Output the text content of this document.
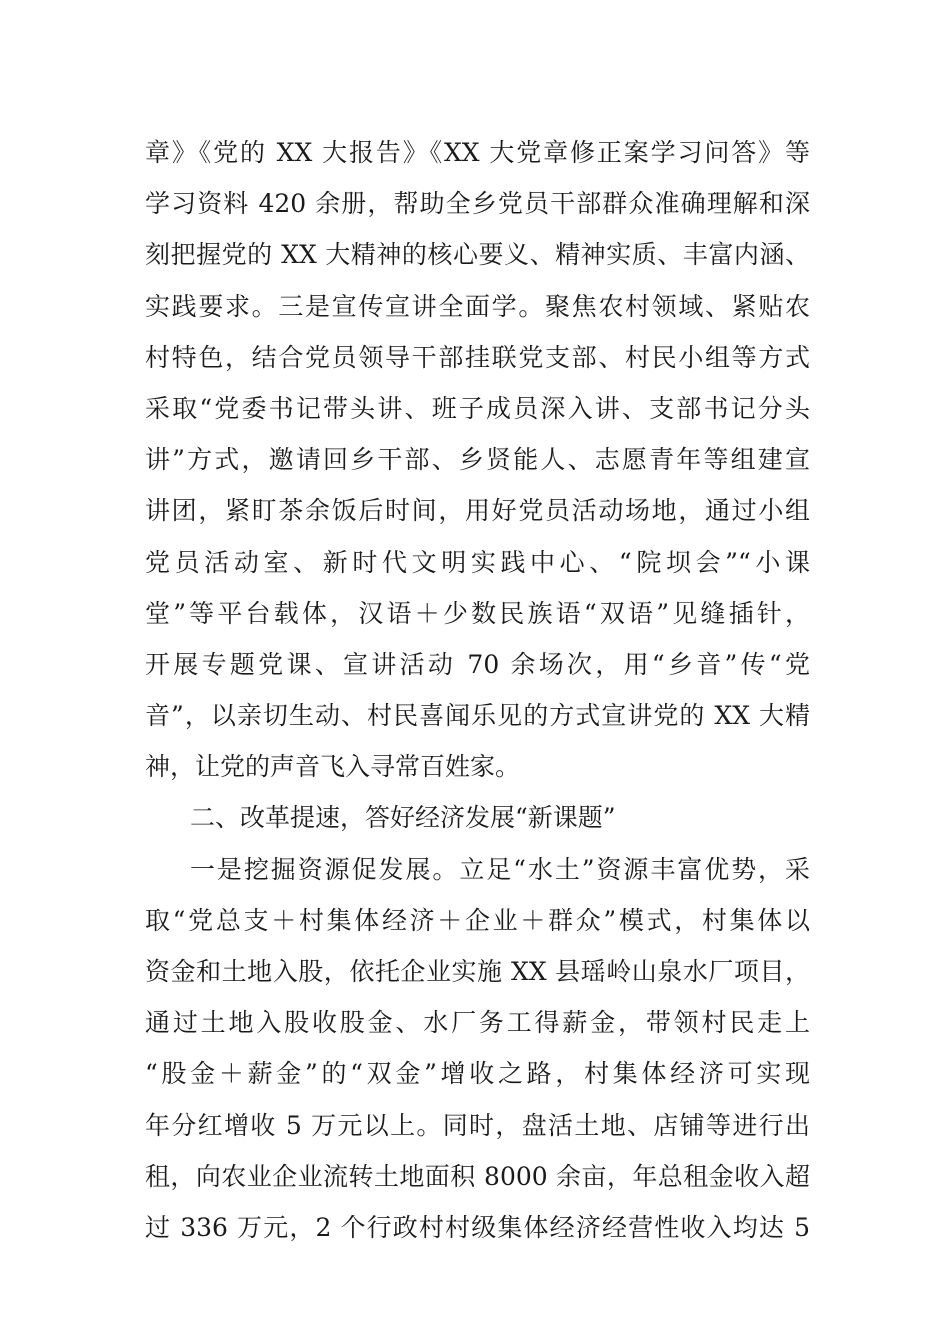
章》《党的 XX 大报告》《XX 大党章修正案学习问答》等
学习资料 420 余册，帮助全乡党员干部群众准确理解和深
刻把握党的 XX 大精神的核心要义、精神实质、丰富内涵、
实践要求。三是宣传宣讲全面学。聚焦农村领域、紧贴农
村特色，结合党员领导干部挂联党支部、村民小组等方式
采取“党委书记带头讲、班子成员深入讲、支部书记分头
讲”方式，邀请回乡干部、乡贤能人、志愿青年等组建宣
讲团，紧盯茶余饭后时间，用好党员活动场地，通过小组
党员活动室、新时代文明实践中心、“院坝会”“小课
堂”等平台载体，汉语＋少数民族语“双语”见缝插针，
开展专题党课、宣讲活动 70 余场次，用“乡音”传“党
音”，以亲切生动、村民喜闻乐见的方式宣讲党的 XX 大精
神，让党的声音飞入寻常百姓家。
二、改革提速，答好经济发展“新课题”
一是挖掘资源促发展。立足“水土”资源丰富优势，采
取“党总支＋村集体经济＋企业＋群众”模式，村集体以
资金和土地入股，依托企业实施 XX 县瑶岭山泉水厂项目，
通过土地入股收股金、水厂务工得薪金，带领村民走上
“股金＋薪金”的“双金”增收之路，村集体经济可实现
年分红增收 5 万元以上。同时，盘活土地、店铺等进行出
租，向农业企业流转土地面积 8000 余亩，年总租金收入超
过 336 万元，2 个行政村村级集体经济经营性收入均达 5
